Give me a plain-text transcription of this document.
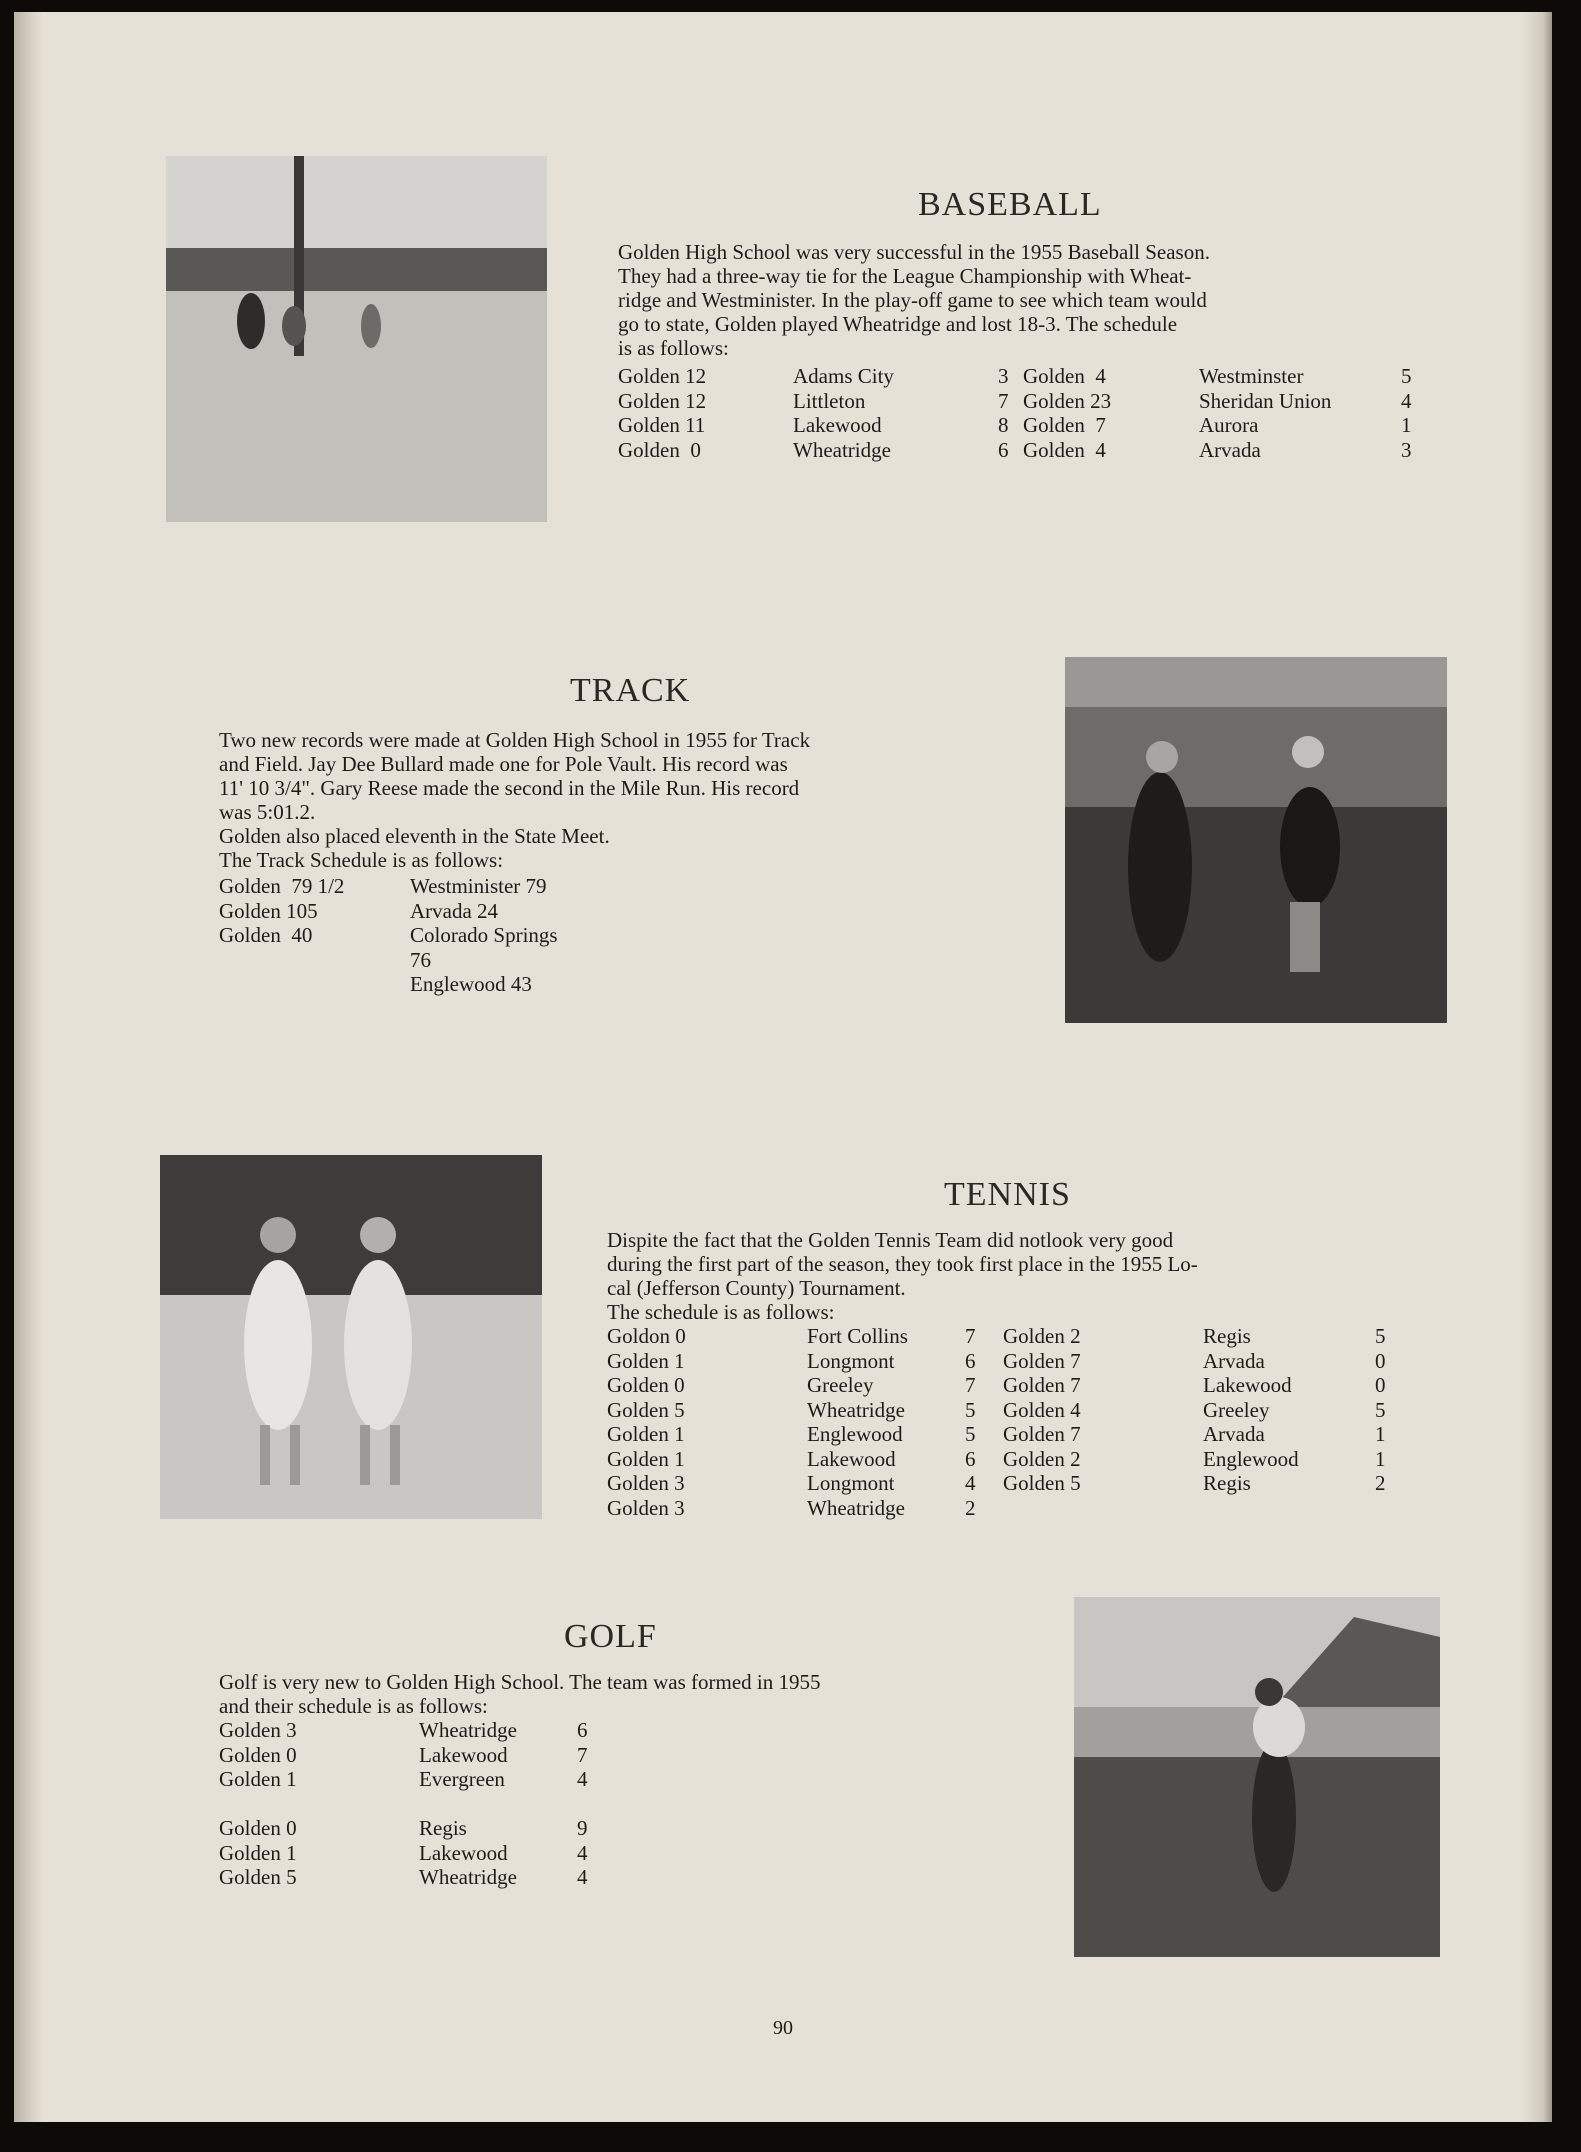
BASEBALL
Golden High School was very successful in the 1955 Baseball Season.
They had a three-way tie for the League Championship with Wheat-
ridge and Westminister. In the play-off game to see which team would
go to state, Golden played Wheatridge and lost 18-3. The schedule
is as follows:
Golden 12	Adams City	3 Golden  4	Westminster	5
Golden 12	Littleton	7 Golden 23	Sheridan Union	4
Golden 11	Lakewood	8 Golden  7	Aurora	1
Golden  0	Wheatridge	6 Golden  4	Arvada	3
TRACK
Two new records were made at Golden High School in 1955 for Track
and Field. Jay Dee Bullard made one for Pole Vault. His record was
11' 10 3/4". Gary Reese made the second in the Mile Run. His record
was 5:01.2.
Golden also placed eleventh in the State Meet.
The Track Schedule is as follows:
Golden  79 1/2	Westminister 79
Golden 105	Arvada 24
Golden  40	Colorado Springs
76
Englewood 43
TENNIS
Dispite the fact that the Golden Tennis Team did notlook very good
during the first part of the season, they took first place in the 1955 Lo-
cal (Jefferson County) Tournament.
The schedule is as follows:
Goldon 0	Fort Collins	7 Golden 2	Regis	5
Golden 1	Longmont	6 Golden 7	Arvada	0
Golden 0	Greeley	7 Golden 7	Lakewood	0
Golden 5	Wheatridge	5 Golden 4	Greeley	5
Golden 1	Englewood	5 Golden 7	Arvada	1
Golden 1	Lakewood	6 Golden 2	Englewood	1
Golden 3	Longmont	4 Golden 5	Regis	2
Golden 3	Wheatridge	2
GOLF
Golf is very new to Golden High School. The team was formed in 1955
and their schedule is as follows:
Golden 3	Wheatridge	6
Golden 0	Lakewood	7
Golden 1	Evergreen	4
Golden 0	Regis	9
Golden 1	Lakewood	4
Golden 5	Wheatridge	4
90
